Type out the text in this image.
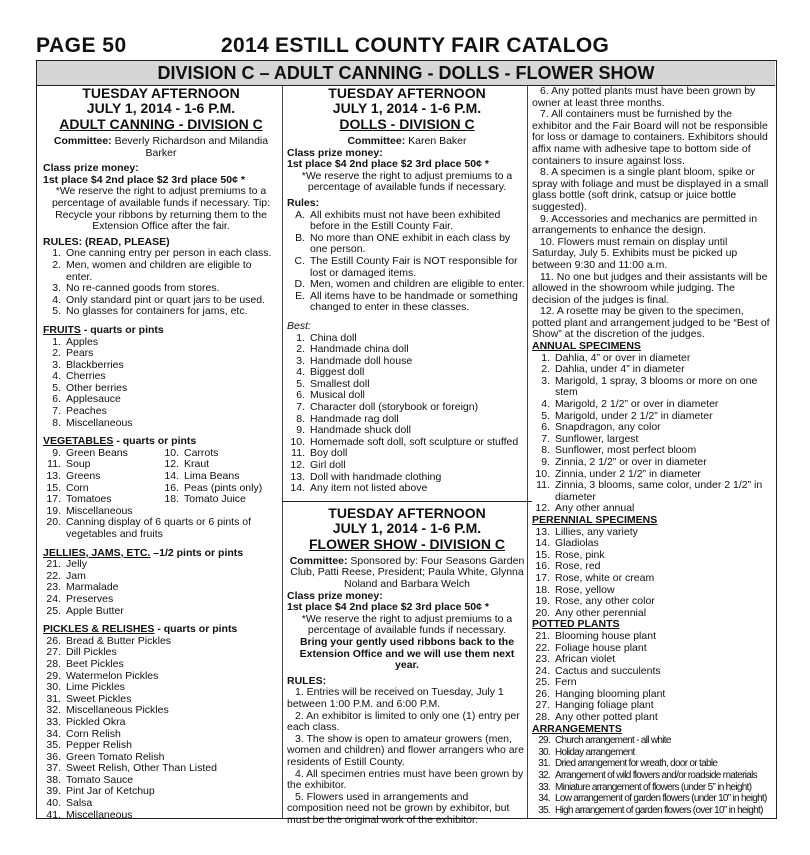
PAGE 50	2014 ESTILL COUNTY FAIR CATALOG
DIVISION C – ADULT CANNING - DOLLS - FLOWER SHOW
TUESDAY AFTERNOON
JULY 1, 2014 - 1-6 P.M.
ADULT CANNING - DIVISION C
Committee: Beverly Richardson and Milandia Barker
Class prize money:
1st place $4 2nd place $2 3rd place 50¢ *
*We reserve the right to adjust premiums to a percentage of available funds if necessary. Tip: Recycle your ribbons by returning them to the Extension Office after the fair.
RULES: (READ, PLEASE)
1. One canning entry per person in each class.
2. Men, women and children are eligible to enter.
3. No re-canned goods from stores.
4. Only standard pint or quart jars to be used.
5. No glasses for containers for jams, etc.
FRUITS - quarts or pints
1. Apples
2. Pears
3. Blackberries
4. Cherries
5. Other berries
6. Applesauce
7. Peaches
8. Miscellaneous
VEGETABLES - quarts or pints
9. Green Beans
11. Soup
13. Greens
15. Corn
17. Tomatoes
19. Miscellaneous
10. Carrots
12. Kraut
14. Lima Beans
16. Peas (pints only)
18. Tomato Juice
20. Canning display of 6 quarts or 6 pints of vegetables and fruits
JELLIES, JAMS, ETC. –1/2 pints or pints
21. Jelly
22. Jam
23. Marmalade
24. Preserves
25. Apple Butter
PICKLES & RELISHES - quarts or pints
26. Bread & Butter Pickles
27. Dill Pickles
28. Beet Pickles
29. Watermelon Pickles
30. Lime Pickles
31. Sweet Pickles
32. Miscellaneous Pickles
33. Pickled Okra
34. Corn Relish
35. Pepper Relish
36. Green Tomato Relish
37. Sweet Relish, Other Than Listed
38. Tomato Sauce
39. Pint Jar of Ketchup
40. Salsa
41. Miscellaneous
TUESDAY AFTERNOON
JULY 1, 2014 - 1-6 P.M.
DOLLS - DIVISION C
Committee: Karen Baker
Class prize money:
1st place $4 2nd place $2 3rd place 50¢ *
*We reserve the right to adjust premiums to a percentage of available funds if necessary.
Rules:
A. All exhibits must not have been exhibited before in the Estill County Fair.
B. No more than ONE exhibit in each class by one person.
C. The Estill County Fair is NOT responsible for lost or damaged items.
D. Men, women and children are eligible to enter.
E. All items have to be handmade or something changed to enter in these classes.
Best:
1. China doll
2. Handmade china doll
3. Handmade doll house
4. Biggest doll
5. Smallest doll
6. Musical doll
7. Character doll (storybook or foreign)
8. Handmade rag doll
9. Handmade shuck doll
10. Homemade soft doll, soft sculpture or stuffed
11. Boy doll
12. Girl doll
13. Doll with handmade clothing
14. Any item not listed above
TUESDAY AFTERNOON
JULY 1, 2014 - 1-6 P.M.
FLOWER SHOW - DIVISION C
Committee: Sponsored by: Four Seasons Garden Club, Patti Reese, President; Paula White, Glynna Noland and Barbara Welch
Class prize money:
1st place $4 2nd place $2 3rd place 50¢ *
*We reserve the right to adjust premiums to a percentage of available funds if necessary.
Bring your gently used ribbons back to the Extension Office and we will use them next year.
RULES:
1. Entries will be received on Tuesday, July 1 between 1:00 P.M. and 6:00 P.M.
2. An exhibitor is limited to only one (1) entry per each class.
3. The show is open to amateur growers (men, women and children) and flower arrangers who are residents of Estill County.
4. All specimen entries must have been grown by the exhibitor.
5. Flowers used in arrangements and composition need not be grown by exhibitor, but must be the original work of the exhibitor.
6. Any potted plants must have been grown by owner at least three months.
7. All containers must be furnished by the exhibitor and the Fair Board will not be responsible for loss or damage to containers. Exhibitors should affix name with adhesive tape to bottom side of containers to insure against loss.
8. A specimen is a single plant bloom, spike or spray with foliage and must be displayed in a small glass bottle (soft drink, catsup or juice bottle suggested).
9. Accessories and mechanics are permitted in arrangements to enhance the design.
10. Flowers must remain on display until Saturday, July 5. Exhibits must be picked up between 9:30 and 11:00 a.m.
11. No one but judges and their assistants will be allowed in the showroom while judging. The decision of the judges is final.
12. A rosette may be given to the specimen, potted plant and arrangement judged to be “Best of Show” at the discretion of the judges.
ANNUAL SPECIMENS
1. Dahlia, 4” or over in diameter
2. Dahlia, under 4” in diameter
3. Marigold, 1 spray, 3 blooms or more on one stem
4. Marigold, 2 1/2” or over in diameter
5. Marigold, under 2 1/2” in diameter
6. Snapdragon, any color
7. Sunflower, largest
8. Sunflower, most perfect bloom
9. Zinnia, 2 1/2” or over in diameter
10. Zinnia, under 2 1/2” in diameter
11. Zinnia, 3 blooms, same color, under 2 1/2” in diameter
12. Any other annual
PERENNIAL SPECIMENS
13. Lillies, any variety
14. Gladiolas
15. Rose, pink
16. Rose, red
17. Rose, white or cream
18. Rose, yellow
19. Rose, any other color
20. Any other perennial
POTTED PLANTS
21. Blooming house plant
22. Foliage house plant
23. African violet
24. Cactus and succulents
25. Fern
26. Hanging blooming plant
27. Hanging foliage plant
28. Any other potted plant
ARRANGEMENTS
29. Church arrangement - all white
30. Holiday arrangement
31. Dried arrangement for wreath, door or table
32. Arrangement of wild flowers and/or roadside materials
33. Miniature arrangement of flowers (under 5” in height)
34. Low arrangement of garden flowers (under 10” in height)
35. High arrangement of garden flowers (over 10” in height)
